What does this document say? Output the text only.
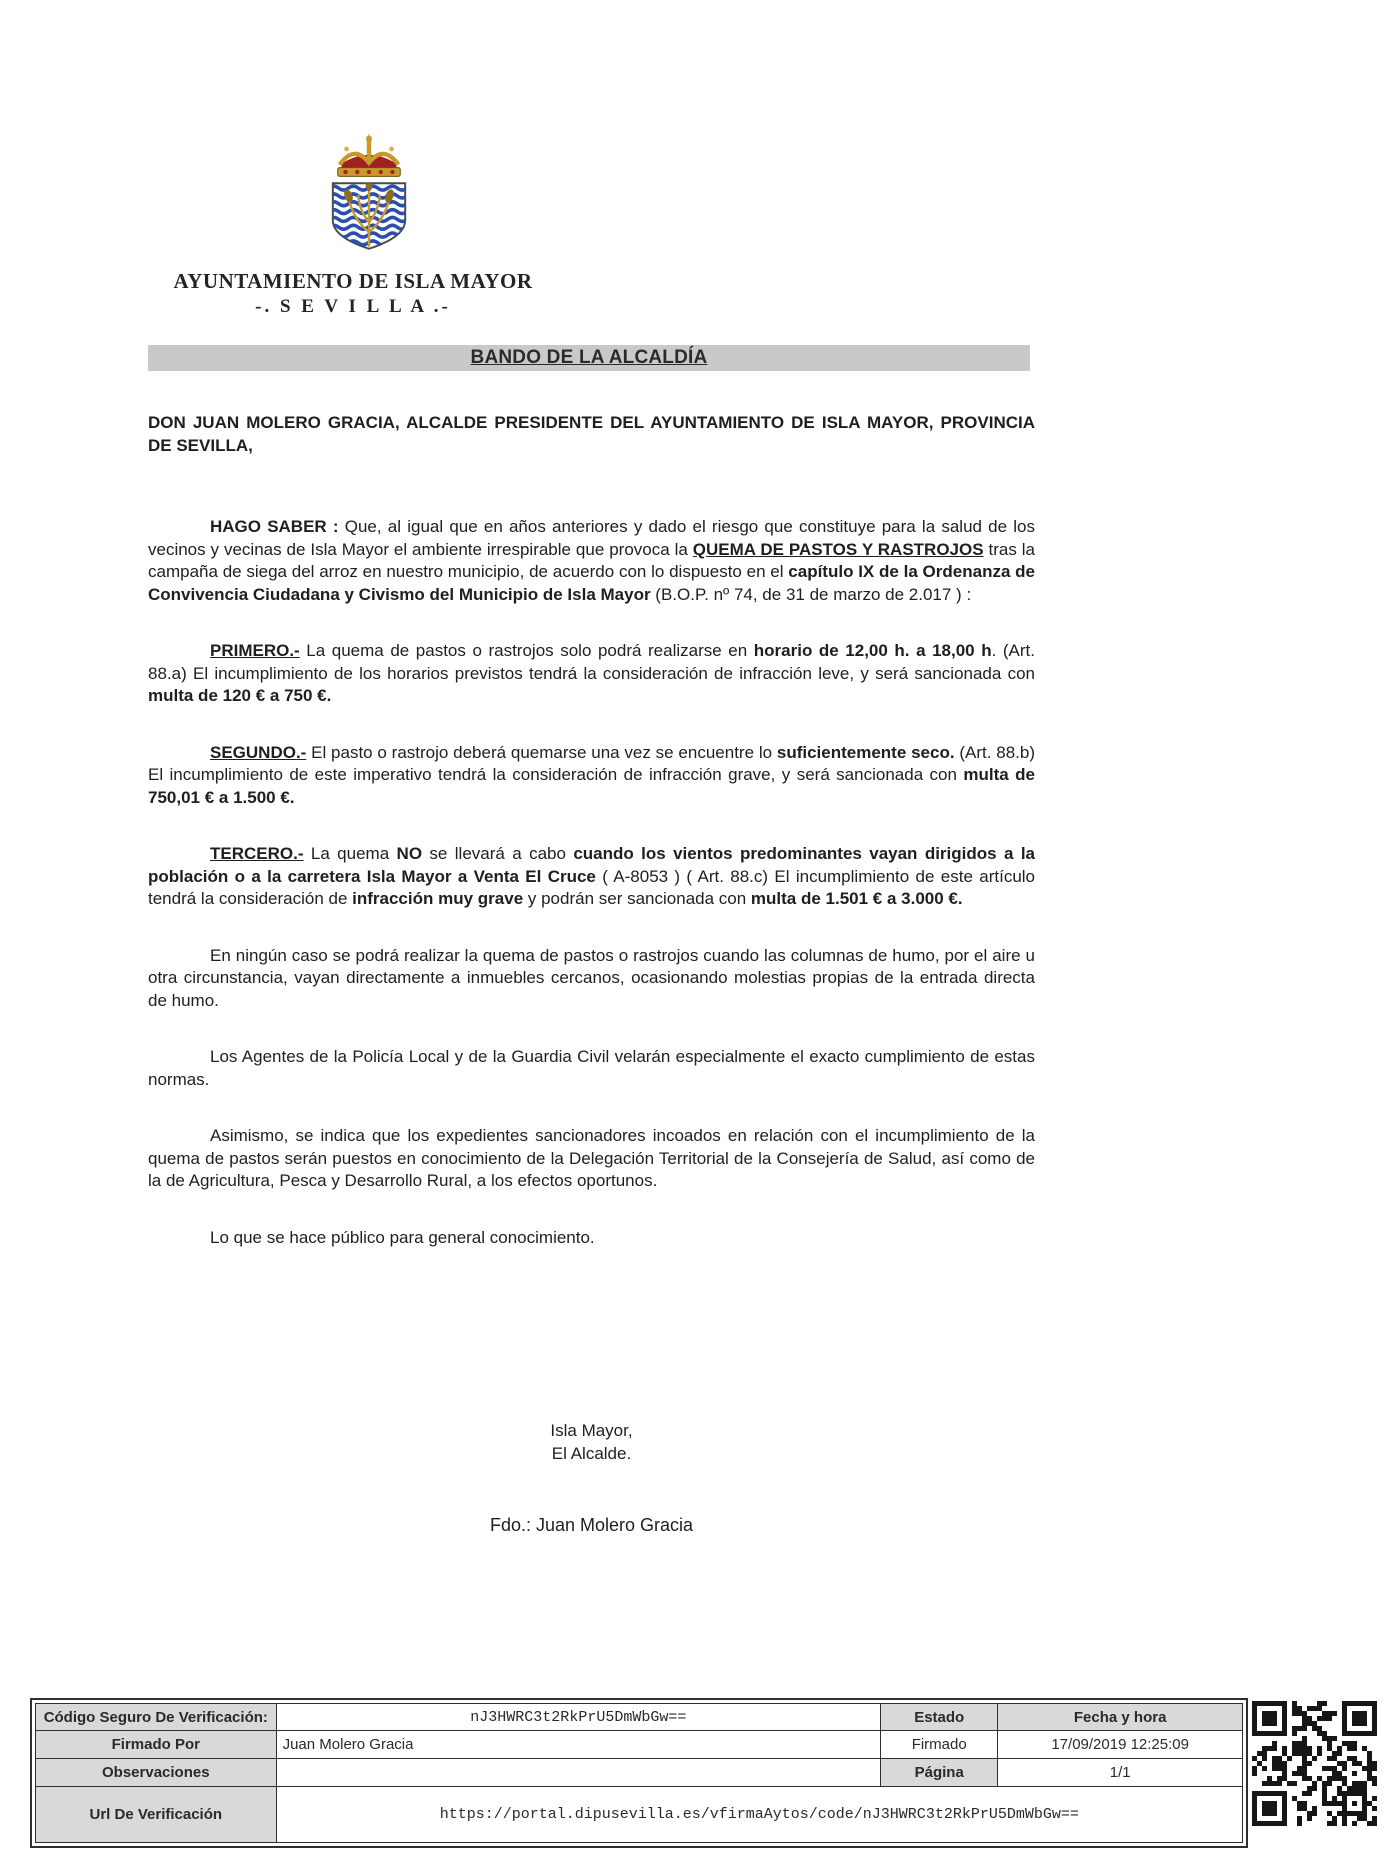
AYUNTAMIENTO DE ISLA MAYOR
-. S E V I L L A .-
BANDO DE LA ALCALDÍA

DON JUAN MOLERO GRACIA, ALCALDE PRESIDENTE DEL AYUNTAMIENTO DE ISLA MAYOR, PROVINCIA DE SEVILLA,

HAGO SABER : Que, al igual que en años anteriores y dado el riesgo que constituye para la salud de los vecinos y vecinas de Isla Mayor el ambiente irrespirable que provoca la QUEMA DE PASTOS Y RASTROJOS tras la campaña de siega del arroz en nuestro municipio, de acuerdo con lo dispuesto en el capítulo IX de la Ordenanza de Convivencia Ciudadana y Civismo del Municipio de Isla Mayor (B.O.P. nº 74, de 31 de marzo de 2.017 ) :

PRIMERO.- La quema de pastos o rastrojos solo podrá realizarse en horario de 12,00 h. a 18,00 h. (Art. 88.a) El incumplimiento de los horarios previstos tendrá la consideración de infracción leve, y será sancionada con multa de 120 € a 750 €.

SEGUNDO.- El pasto o rastrojo deberá quemarse una vez se encuentre lo suficientemente seco. (Art. 88.b) El incumplimiento de este imperativo tendrá la consideración de infracción grave, y será sancionada con multa de 750,01 € a 1.500 €.

TERCERO.- La quema NO se llevará a cabo cuando los vientos predominantes vayan dirigidos a la población o a la carretera Isla Mayor a Venta El Cruce ( A-8053 ) ( Art. 88.c) El incumplimiento de este artículo tendrá la consideración de infracción muy grave y podrán ser sancionada con multa de 1.501 € a 3.000 €.

En ningún caso se podrá realizar la quema de pastos o rastrojos cuando las columnas de humo, por el aire u otra circunstancia, vayan directamente a inmuebles cercanos, ocasionando molestias propias de la entrada directa de humo.

Los Agentes de la Policía Local y de la Guardia Civil velarán especialmente el exacto cumplimiento de estas normas.

Asimismo, se indica que los expedientes sancionadores incoados en relación con el incumplimiento de la quema de pastos serán puestos en conocimiento de la Delegación Territorial de la Consejería de Salud, así como de la de Agricultura, Pesca y Desarrollo Rural, a los efectos oportunos.

Lo que se hace público para general conocimiento.

Isla Mayor,
El Alcalde.
Fdo.: Juan Molero Gracia
Código Seguro De Verificación:	nJ3HWRC3t2RkPrU5DmWbGw==	Estado	Fecha y hora
Firmado Por	Juan Molero Gracia	Firmado	17/09/2019 12:25:09
Observaciones		Página	1/1
Url De Verificación	https://portal.dipusevilla.es/vfirmaAytos/code/nJ3HWRC3t2RkPrU5DmWbGw==		
